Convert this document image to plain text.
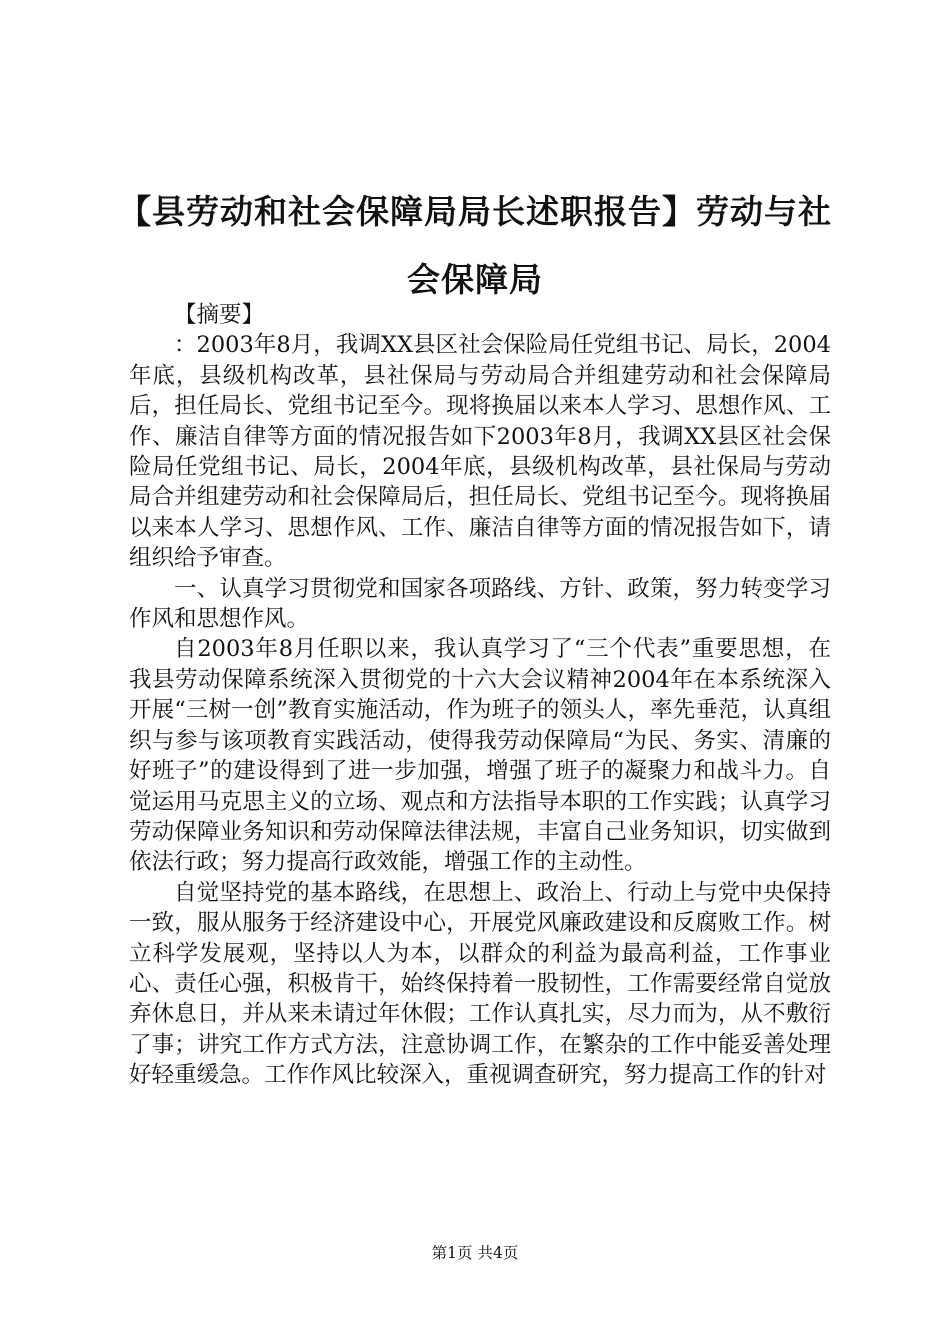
【县劳动和社会保障局局长述职报告】劳动与社会保障局

【摘要】

：2003年8月，我调XX县区社会保险局任党组书记、局长，2004年底，县级机构改革，县社保局与劳动局合并组建劳动和社会保障局后，担任局长、党组书记至今。现将换届以来本人学习、思想作风、工作、廉洁自律等方面的情况报告如下2003年8月，我调XX县区社会保险局任党组书记、局长，2004年底，县级机构改革，县社保局与劳动局合并组建劳动和社会保障局后，担任局长、党组书记至今。现将换届以来本人学习、思想作风、工作、廉洁自律等方面的情况报告如下，请组织给予审查。

一、认真学习贯彻党和国家各项路线、方针、政策，努力转变学习作风和思想作风。

自2003年8月任职以来，我认真学习了“三个代表”重要思想，在我县劳动保障系统深入贯彻党的十六大会议精神2004年在本系统深入开展“三树一创”教育实施活动，作为班子的领头人，率先垂范，认真组织与参与该项教育实践活动，使得我劳动保障局“为民、务实、清廉的好班子”的建设得到了进一步加强，增强了班子的凝聚力和战斗力。自觉运用马克思主义的立场、观点和方法指导本职的工作实践；认真学习劳动保障业务知识和劳动保障法律法规，丰富自己业务知识，切实做到依法行政；努力提高行政效能，增强工作的主动性。

自觉坚持党的基本路线，在思想上、政治上、行动上与党中央保持一致，服从服务于经济建设中心，开展党风廉政建设和反腐败工作。树立科学发展观，坚持以人为本，以群众的利益为最高利益，工作事业心、责任心强，积极肯干，始终保持着一股韧性，工作需要经常自觉放弃休息日，并从来未请过年休假；工作认真扎实，尽力而为，从不敷衍了事；讲究工作方式方法，注意协调工作，在繁杂的工作中能妥善处理好轻重缓急。工作作风比较深入，重视调查研究，努力提高工作的针对

第1页 共4页
